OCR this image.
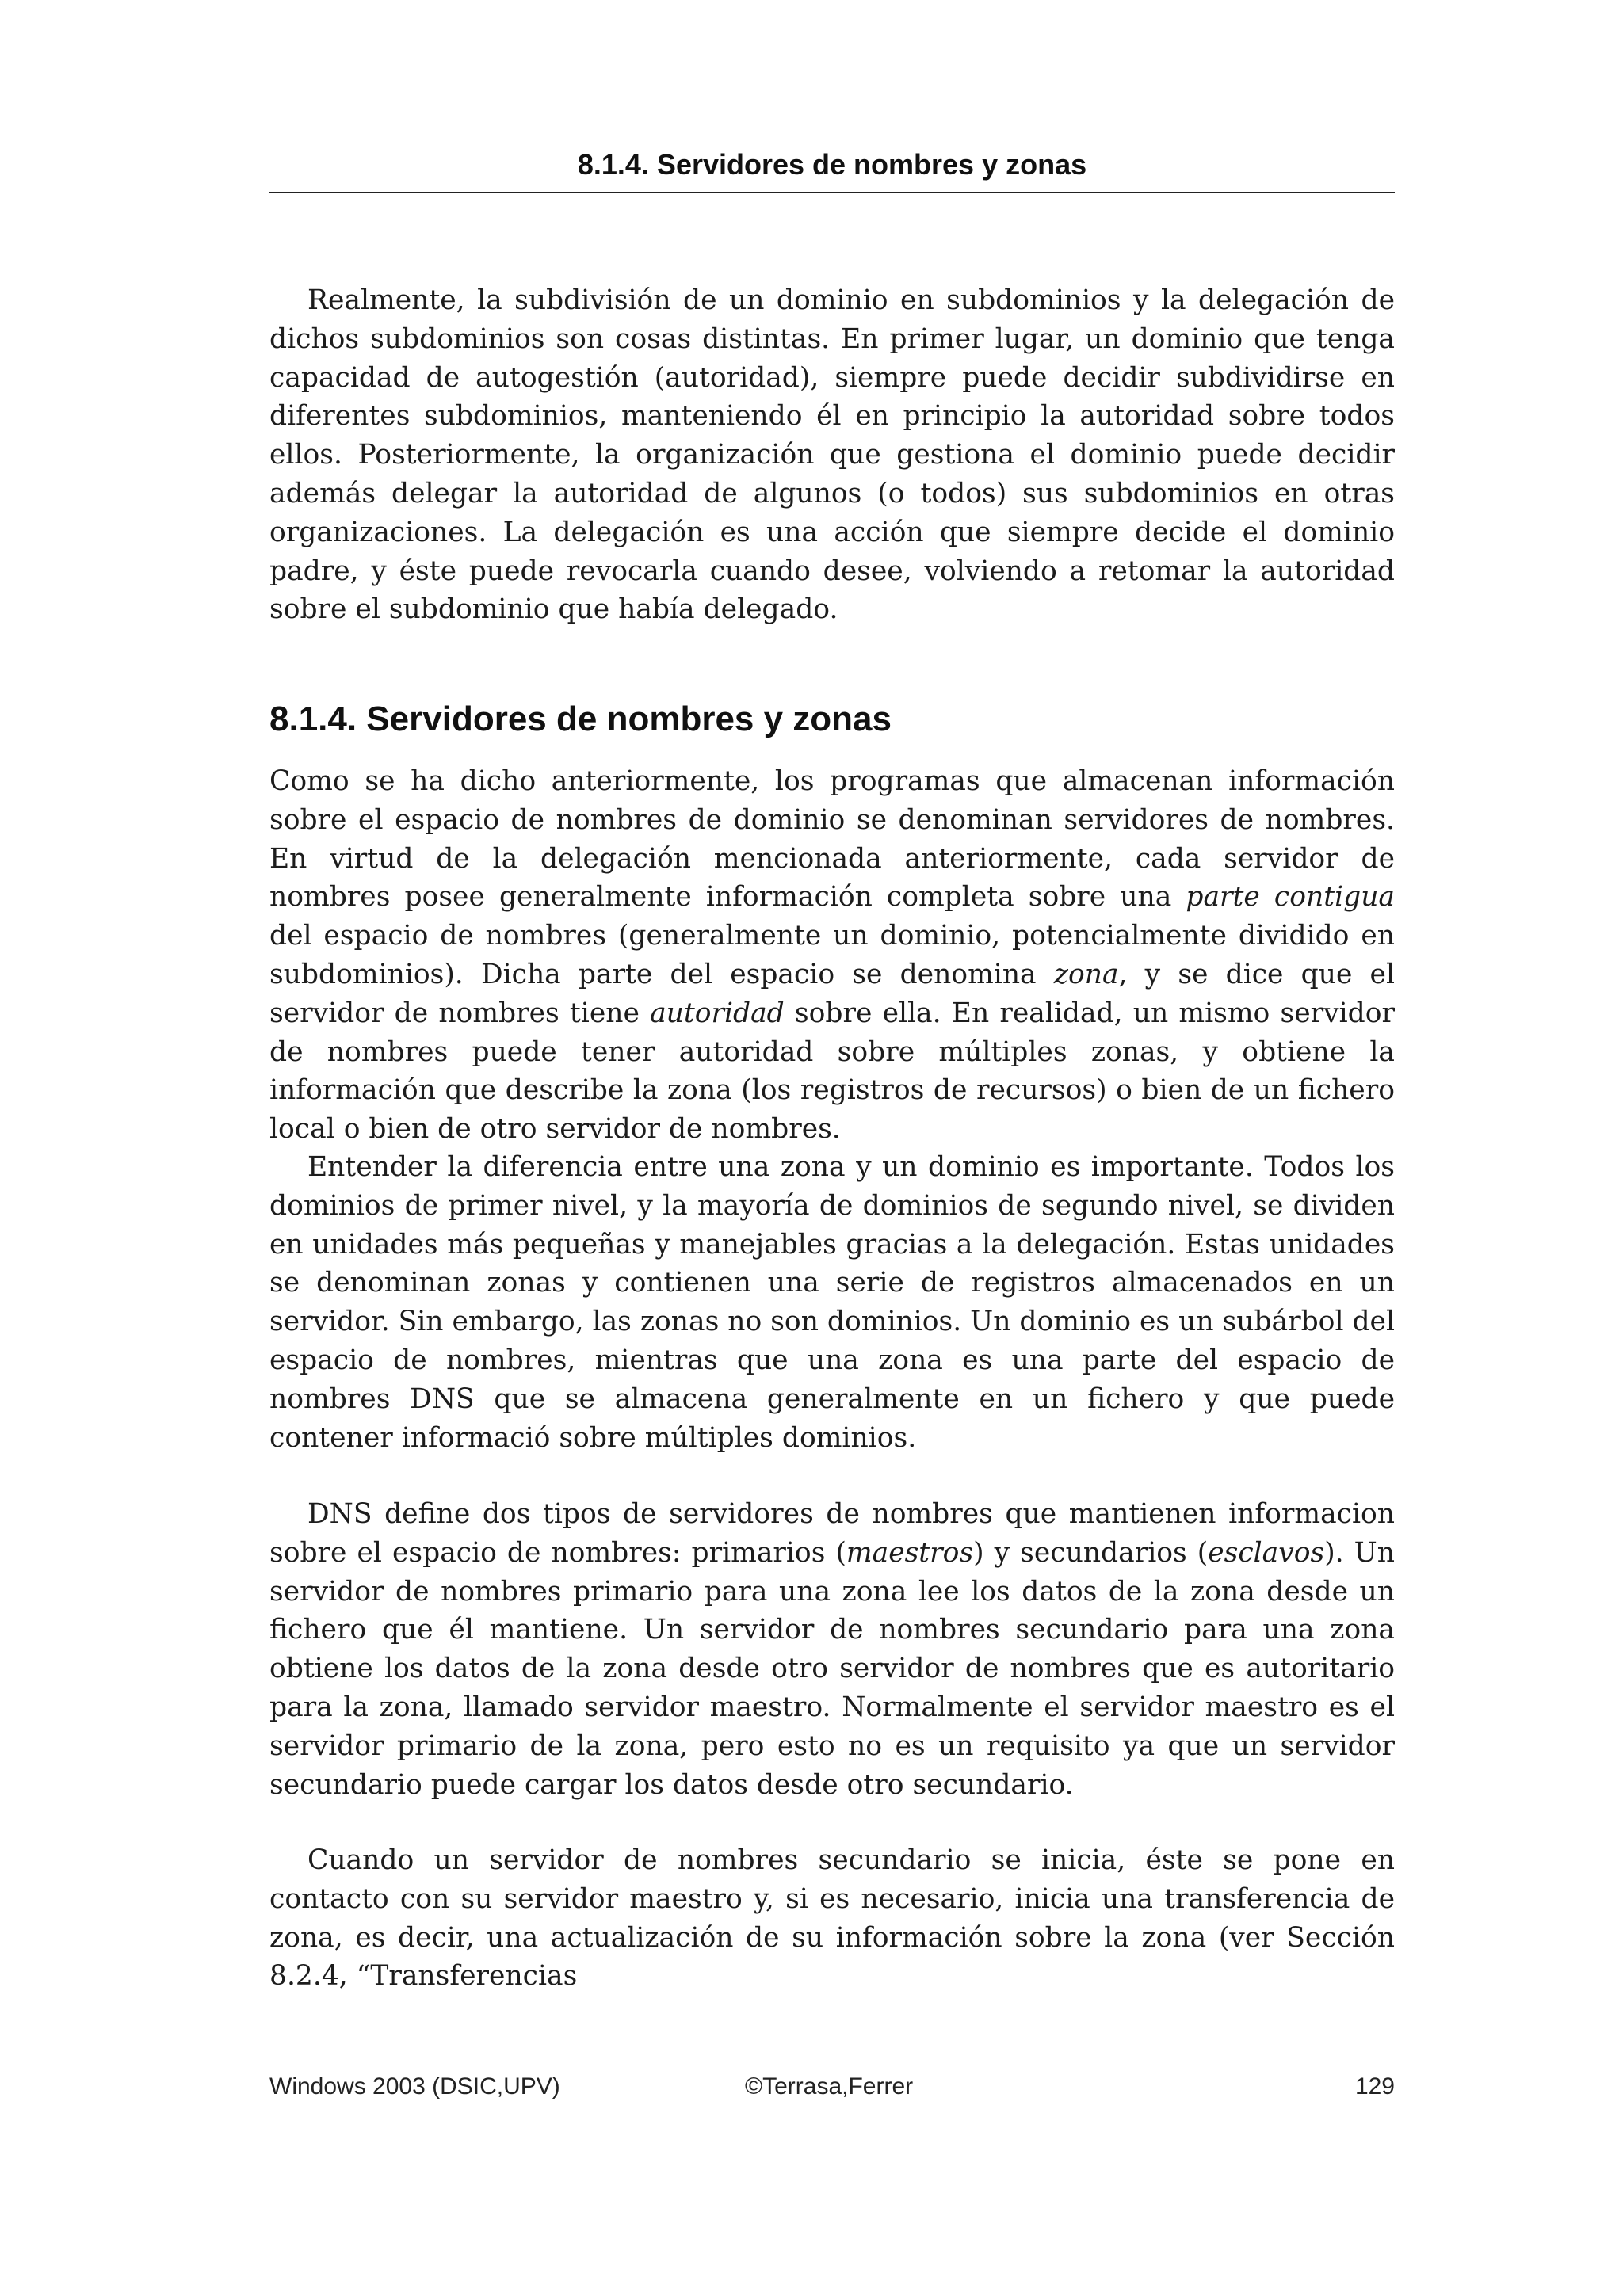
8.1.4. Servidores de nombres y zonas

Realmente, la subdivisión de un dominio en subdominios y la delegación de dichos subdominios son cosas distintas. En primer lugar, un dominio que tenga capacidad de autogestión (autoridad), siempre puede decidir subdividirse en diferentes subdominios, manteniendo él en principio la autoridad sobre todos ellos. Posteriormente, la organización que gestiona el dominio puede decidir además delegar la autoridad de algunos (o todos) sus subdominios en otras organizaciones. La delegación es una acción que siempre decide el dominio padre, y éste puede revocarla cuando desee, volviendo a retomar la autoridad sobre el subdominio que había delegado.

8.1.4. Servidores de nombres y zonas

Como se ha dicho anteriormente, los programas que almacenan información sobre el espacio de nombres de dominio se denominan servidores de nombres. En virtud de la delegación mencionada anteriormente, cada servidor de nombres posee generalmente información completa sobre una parte contigua del espacio de nombres (generalmente un dominio, potencialmente dividido en subdominios). Dicha parte del espacio se denomina zona, y se dice que el servidor de nombres tiene autoridad sobre ella. En realidad, un mismo servidor de nombres puede tener autoridad sobre múltiples zonas, y obtiene la información que describe la zona (los registros de recursos) o bien de un fichero local o bien de otro servidor de nombres.

Entender la diferencia entre una zona y un dominio es importante. Todos los dominios de primer nivel, y la mayoría de dominios de segundo nivel, se dividen en unidades más pequeñas y manejables gracias a la delegación. Estas unidades se denominan zonas y contienen una serie de registros almacenados en un servidor. Sin embargo, las zonas no son dominios. Un dominio es un subárbol del espacio de nombres, mientras que una zona es una parte del espacio de nombres DNS que se almacena generalmente en un fichero y que puede contener informació sobre múltiples dominios.

DNS define dos tipos de servidores de nombres que mantienen informacion sobre el espacio de nombres: primarios (maestros) y secundarios (esclavos). Un servidor de nombres primario para una zona lee los datos de la zona desde un fichero que él mantiene. Un servidor de nombres secundario para una zona obtiene los datos de la zona desde otro servidor de nombres que es autoritario para la zona, llamado servidor maestro. Normalmente el servidor maestro es el servidor primario de la zona, pero esto no es un requisito ya que un servidor secundario puede cargar los datos desde otro secundario.

Cuando un servidor de nombres secundario se inicia, éste se pone en contacto con su servidor maestro y, si es necesario, inicia una transferencia de zona, es decir, una actualización de su información sobre la zona (ver Sección 8.2.4, “Transferencias

Windows 2003 (DSIC,UPV)	©Terrasa,Ferrer	129
